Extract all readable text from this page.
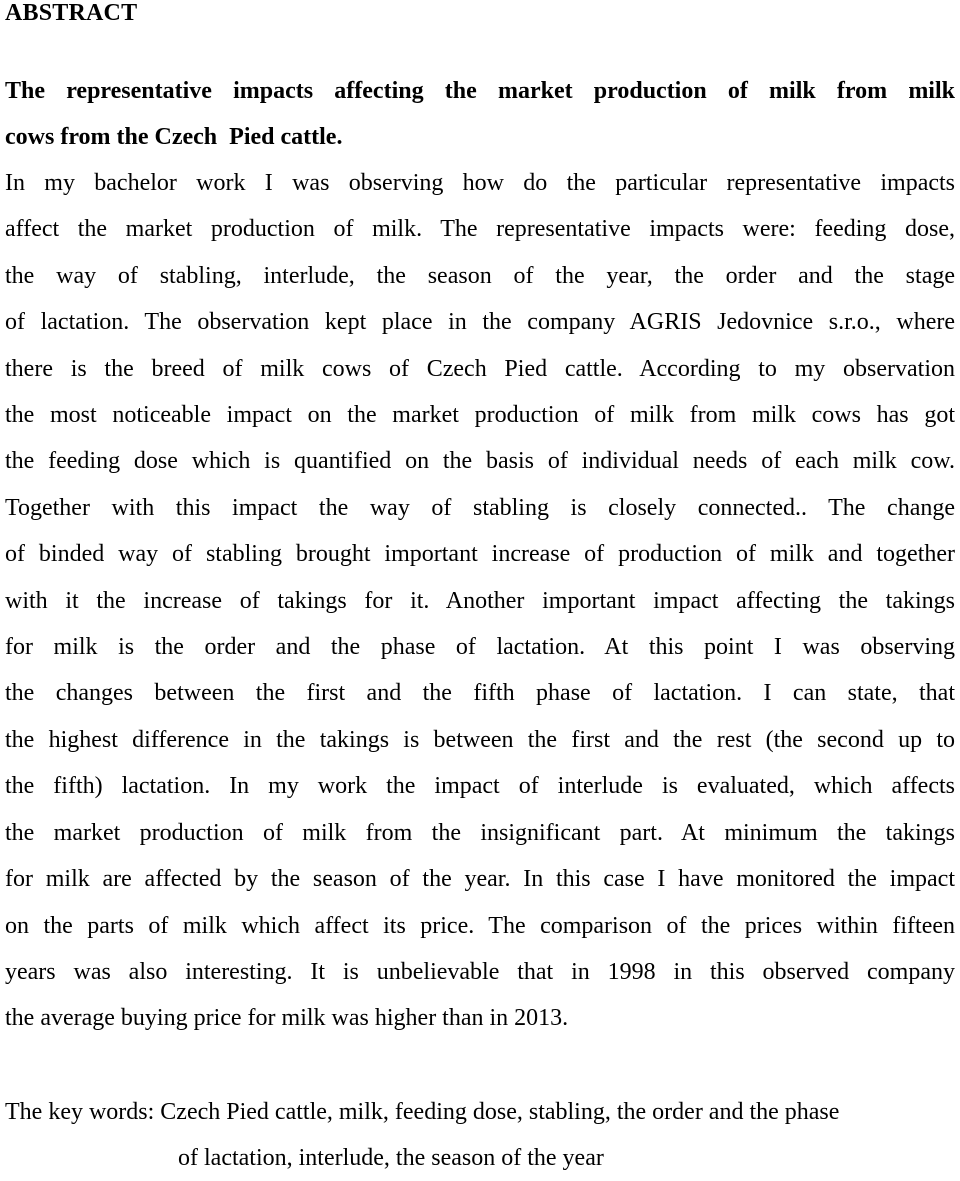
ABSTRACT
The representative impacts affecting the market production of milk from milk
cows from the Czech  Pied cattle.

In my bachelor work I was observing how do the particular representative impacts
affect the market production of milk. The representative impacts were: feeding dose,
the way of stabling, interlude, the season of the year, the order and the stage
of lactation. The observation kept place in the company AGRIS Jedovnice s.r.o., where
there is the breed of milk cows of Czech Pied cattle. According to my observation
the most noticeable impact on the market production of milk from milk cows has got
the feeding dose which is quantified on the basis of individual needs of each milk cow.
Together with this impact the way of stabling is closely connected.. The change
of binded way of stabling brought important increase of production of milk and together
with it the increase of takings for it. Another important impact affecting the takings
for milk is the order and the phase of lactation. At this point I was observing
the changes between the first and the fifth phase of lactation. I can state, that
the highest difference in the takings is between the first and the rest (the second up to
the fifth) lactation. In my work the impact of interlude is evaluated, which affects
the market production of milk from the insignificant part. At minimum the takings
for milk are affected by the season of the year. In this case I have monitored the impact
on the parts of milk which affect its price. The comparison of the prices within fifteen
years was also interesting. It is unbelievable that in 1998 in this observed company
the average buying price for milk was higher than in 2013.

The key words: Czech Pied cattle, milk, feeding dose, stabling, the order and the phase
of lactation, interlude, the season of the year
